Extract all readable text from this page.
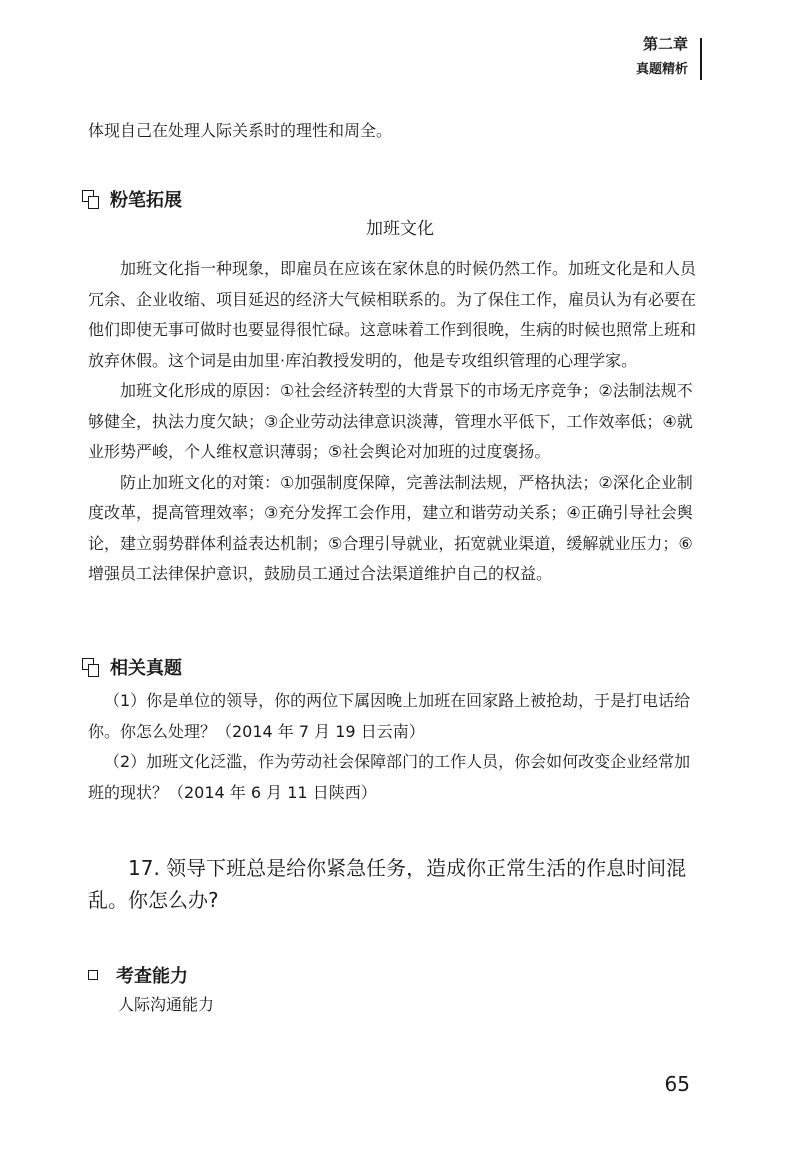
第二章
真题精析
体现自己在处理人际关系时的理性和周全。
粉笔拓展
加班文化

加班文化指一种现象，即雇员在应该在家休息的时候仍然工作。加班文化是和人员冗余、企业收缩、项目延迟的经济大气候相联系的。为了保住工作，雇员认为有必要在他们即使无事可做时也要显得很忙碌。这意味着工作到很晚，生病的时候也照常上班和放弃休假。这个词是由加里·库泊教授发明的，他是专攻组织管理的心理学家。

加班文化形成的原因：①社会经济转型的大背景下的市场无序竞争；②法制法规不够健全，执法力度欠缺；③企业劳动法律意识淡薄，管理水平低下，工作效率低；④就业形势严峻，个人维权意识薄弱；⑤社会舆论对加班的过度褒扬。

防止加班文化的对策：①加强制度保障，完善法制法规，严格执法；②深化企业制度改革，提高管理效率；③充分发挥工会作用，建立和谐劳动关系；④正确引导社会舆论，建立弱势群体利益表达机制；⑤合理引导就业，拓宽就业渠道，缓解就业压力；⑥增强员工法律保护意识，鼓励员工通过合法渠道维护自己的权益。

相关真题

（1）你是单位的领导，你的两位下属因晚上加班在回家路上被抢劫，于是打电话给你。你怎么处理？（2014 年 7 月 19 日云南）

（2）加班文化泛滥，作为劳动社会保障部门的工作人员，你会如何改变企业经常加班的现状？（2014 年 6 月 11 日陕西）

17. 领导下班总是给你紧急任务，造成你正常生活的作息时间混乱。你怎么办?
考查能力
人际沟通能力
65
